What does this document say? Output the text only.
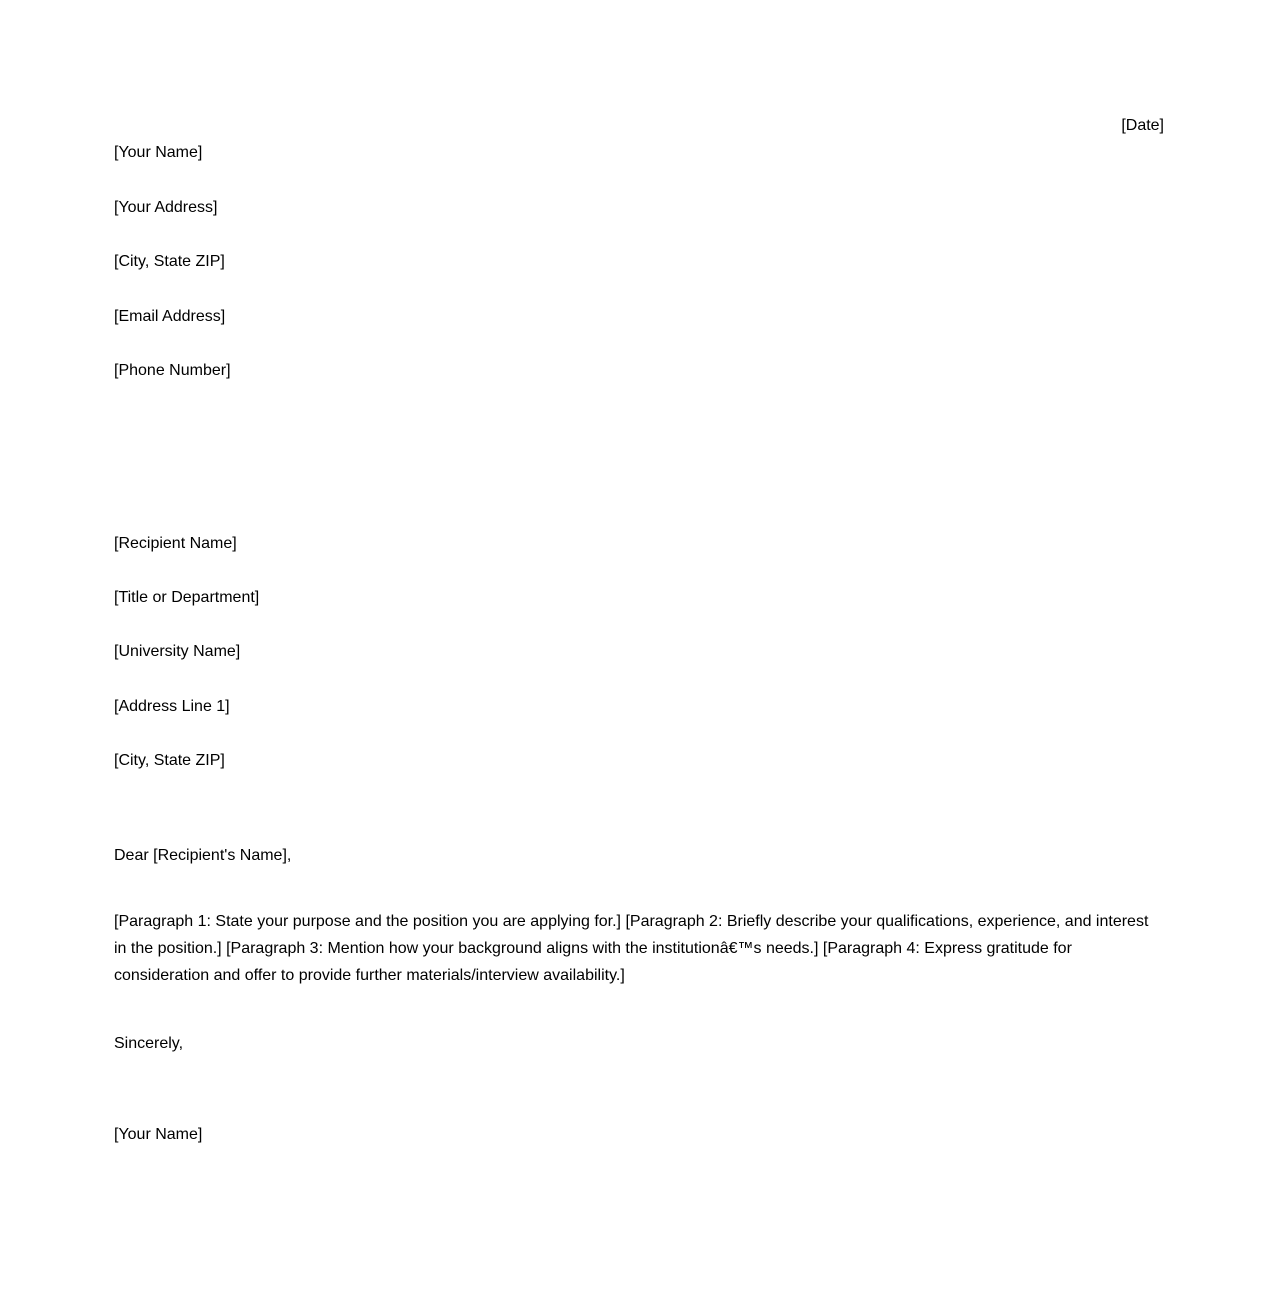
[Date]
[Your Name]
[Your Address]
[City, State ZIP]
[Email Address]
[Phone Number]
[Recipient Name]
[Title or Department]
[University Name]
[Address Line 1]
[City, State ZIP]
Dear [Recipient's Name],
[Paragraph 1: State your purpose and the position you are applying for.] [Paragraph 2: Briefly describe your qualifications, experience, and interest in the position.] [Paragraph 3: Mention how your background aligns with the institutionâ€™s needs.] [Paragraph 4: Express gratitude for consideration and offer to provide further materials/interview availability.]
Sincerely,
[Your Name]
